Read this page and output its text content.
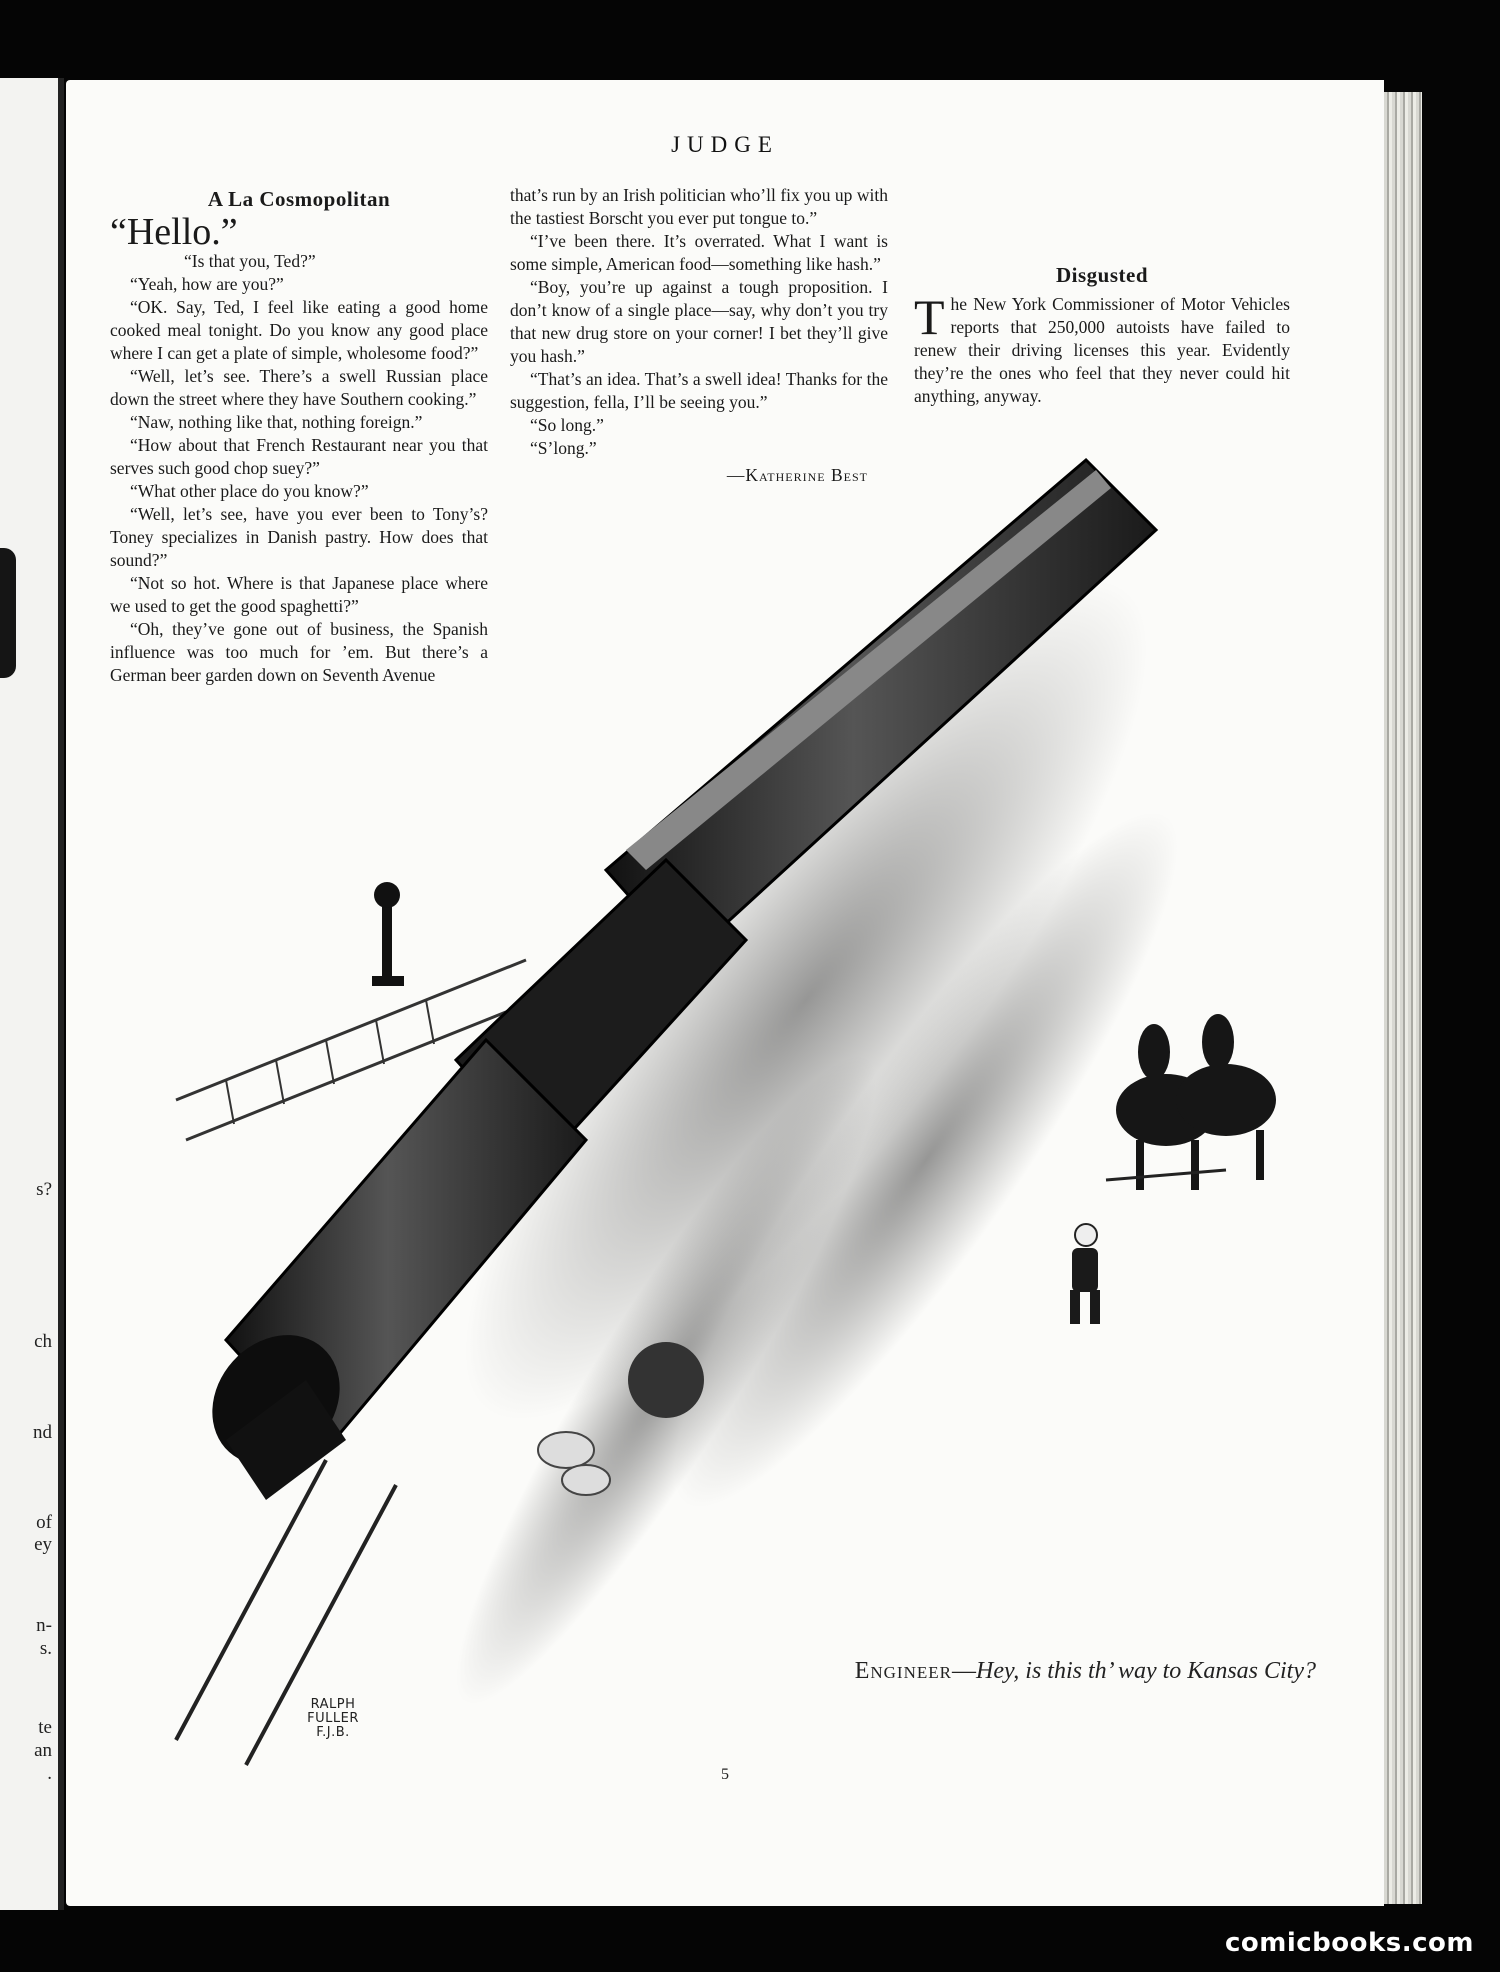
s?
ch
nd
of
ey
n-
s.
te
an
.
JUDGE
A La Cosmopolitan

“Hello.”

“Is that you, Ted?”

“Yeah, how are you?”

“OK. Say, Ted, I feel like eating a good home cooked meal tonight. Do you know any good place where I can get a plate of simple, wholesome food?”

“Well, let’s see. There’s a swell Russian place down the street where they have Southern cooking.”

“Naw, nothing like that, nothing foreign.”

“How about that French Restaurant near you that serves such good chop suey?”

“What other place do you know?”

“Well, let’s see, have you ever been to Tony’s? Toney specializes in Danish pastry. How does that sound?”

“Not so hot. Where is that Japanese place where we used to get the good spaghetti?”

“Oh, they’ve gone out of business, the Spanish influence was too much for ’em. But there’s a German beer garden down on Seventh Avenue

that’s run by an Irish politician who’ll fix you up with the tastiest Borscht you ever put tongue to.”

“I’ve been there. It’s overrated. What I want is some simple, American food—something like hash.”

“Boy, you’re up against a tough proposition. I don’t know of a single place—say, why don’t you try that new drug store on your corner! I bet they’ll give you hash.”

“That’s an idea. That’s a swell idea! Thanks for the suggestion, fella, I’ll be seeing you.”

“So long.”

“S’long.”

—Katherine Best

Disgusted

The New York Commissioner of Motor Vehicles reports that 250,000 autoists have failed to renew their driving licenses this year. Evidently they’re the ones who feel that they never could hit anything, anyway.

RALPH
FULLER
F.J.B.
Engineer—Hey, is this th’ way to Kansas City?
5
comicbooks.com
